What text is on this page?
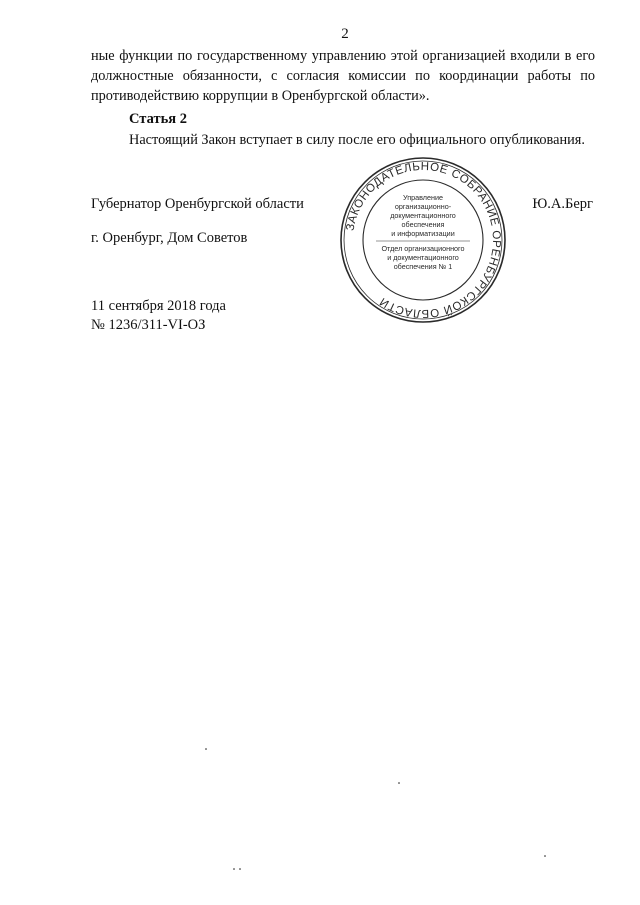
2
ные функции по государственному управлению этой организацией входили в его должностные обязанности, с согласия комиссии по координации работы по противодействию коррупции в Оренбургской области».
Статья 2
Настоящий Закон вступает в силу после его официального опубликования.
Губернатор Оренбургской области	Ю.А.Берг
г. Оренбург, Дом Советов
11 сентября 2018 года
№ 1236/311-VI-ОЗ
ЗАКОНОДАТЕЛЬНОЕ СОБРАНИЕ ОРЕНБУРГСКОЙ ОБЛАСТИ
Управление
организационно-
документационного
обеспечения
и информатизации
Отдел организационного
и документационного
обеспечения № 1
